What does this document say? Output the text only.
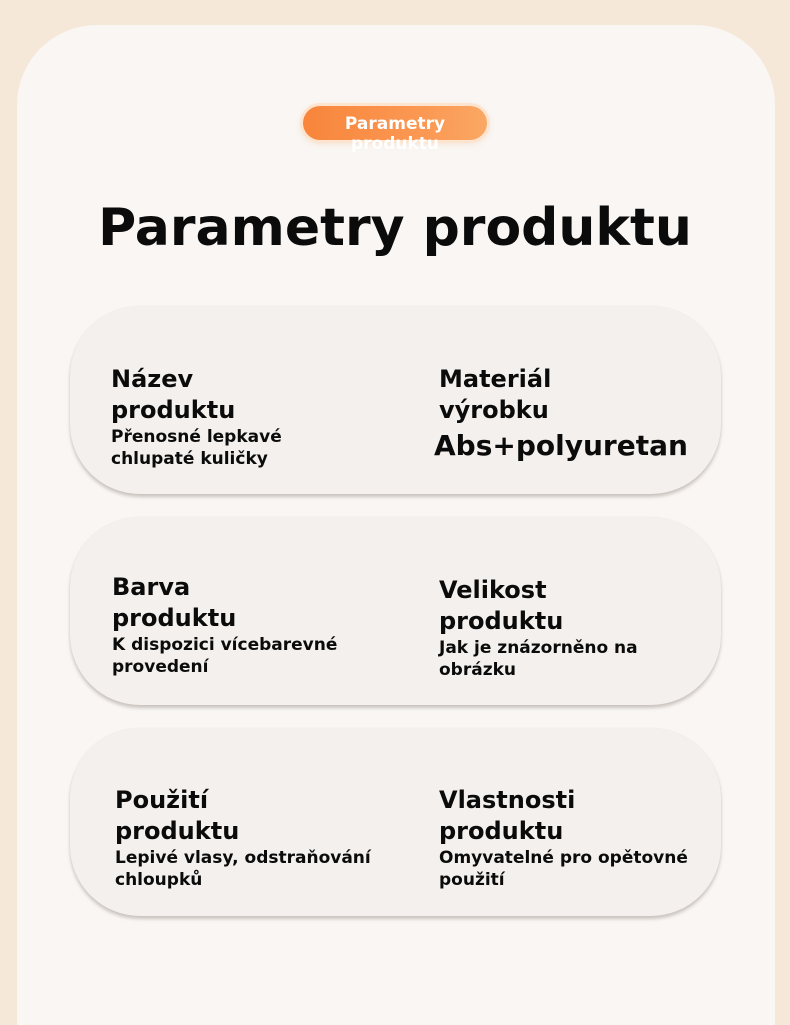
Parametry produktu
Parametry produktu
Název produktu
Přenosné lepkavé chlupaté kuličky
Materiál výrobku
Abs+polyuretan
Barva produktu
K dispozici vícebarevné provedení
Velikost produktu
Jak je znázorněno na obrázku
Použití produktu
Lepivé vlasy, odstraňování chloupků
Vlastnosti produktu
Omyvatelné pro opětovné použití
